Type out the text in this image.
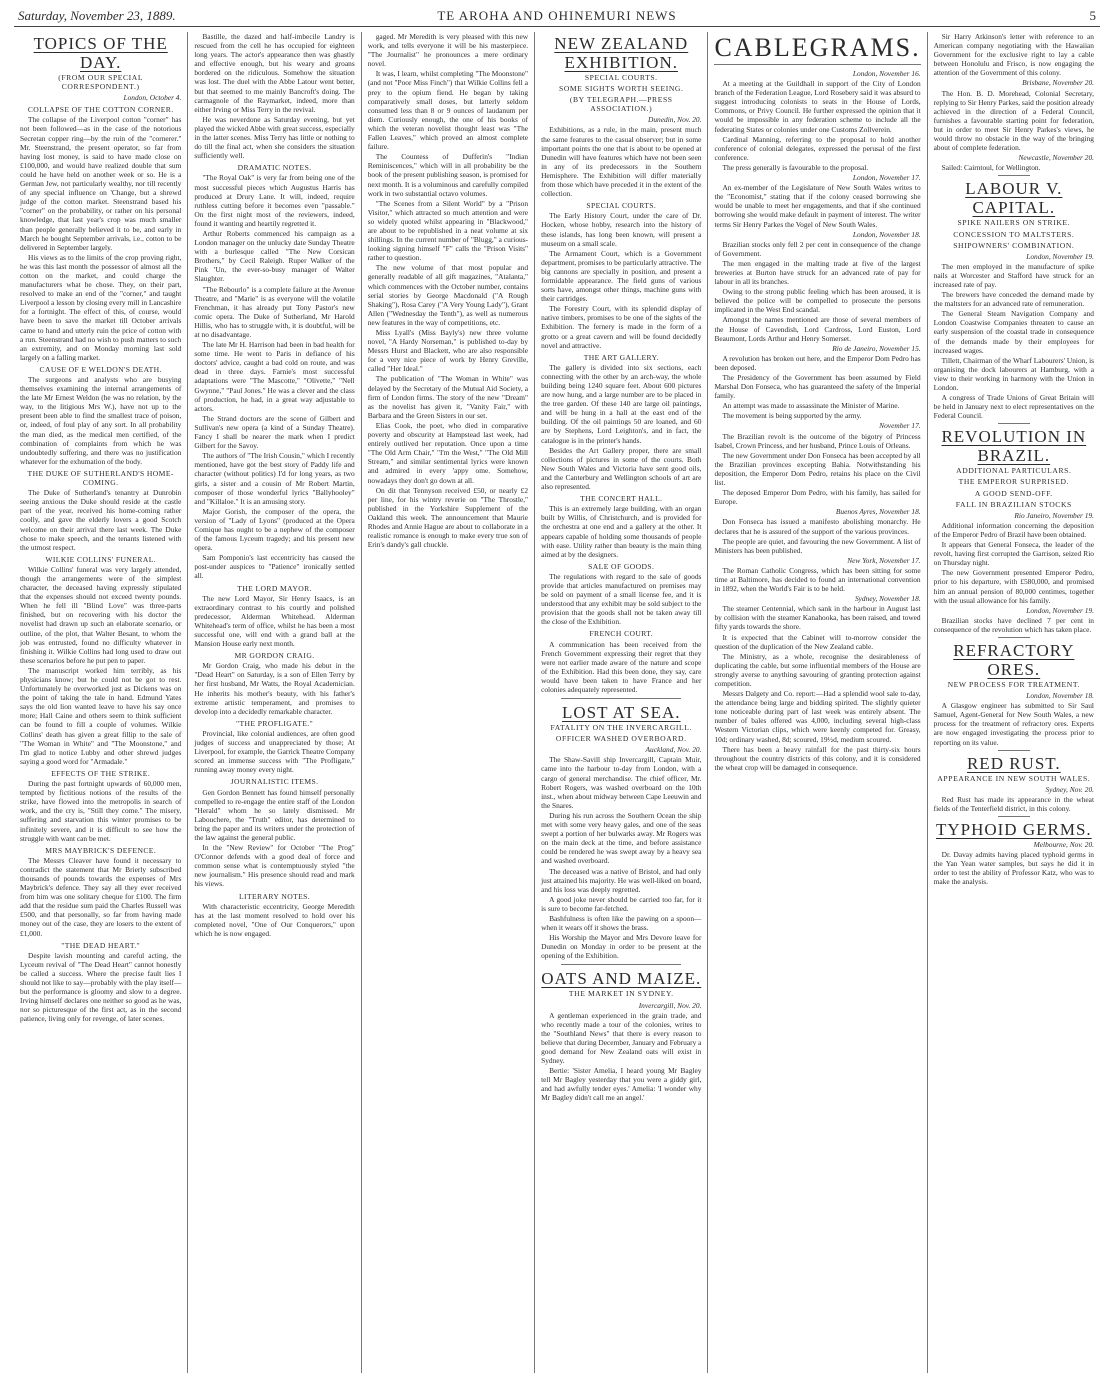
Saturday, November 23, 1889.	TE AROHA AND OHINEMURI NEWS	5
TOPICS OF THE DAY.
(FROM OUR SPECIAL CORRESPONDENT.)

London, October 4.

COLLAPSE OF THE COTTON CORNER.

The collapse of the Liverpool cotton "corner" has not been followed—as in the case of the notorious Secretan copper ring—by the ruin of the "cornerer." Mr. Steenstrand, the present operator, so far from having lost money, is said to have made close on £100,000, and would have realized double that sum could he have held on another week or so. He is a German Jew, not particularly wealthy, nor till recently of any special influence on 'Change, but a shrewd judge of the cotton market. Steenstrand based his "corner" on the probability, or rather on his personal knowledge, that last year's crop was much smaller than people generally believed it to be, and early in March he bought September arrivals, i.e., cotton to be delivered in September largely.

His views as to the limits of the crop proving right, he was this last month the possessor of almost all the cotton on the market, and could charge the manufacturers what he chose. They, on their part, resolved to make an end of the "corner," and taught Liverpool a lesson by closing every mill in Lancashire for a fortnight. The effect of this, of course, would have been to save the market till October arrivals came to hand and utterly ruin the price of cotton with a run. Steenstrand had no wish to push matters to such an extremity, and on Monday morning last sold largely on a falling market.

CAUSE OF E WELDON'S DEATH.

The surgeons and analysts who are busying themselves examining the internal arrangements of the late Mr Ernest Weldon (he was no relation, by the way, to the litigious Mrs W.), have not up to the present been able to find the smallest trace of poison, or, indeed, of foul play of any sort. In all probability the man died, as the medical men certified, of the combination of complaints from which he was undoubtedly suffering, and there was no justification whatever for the exhumation of the body.

THE DUKE OF SUTHERLAND'S HOME-COMING.

The Duke of Sutherland's tenantry at Dunrobin seeing anxious the Duke should reside at the castle part of the year, received his home-coming rather coolly, and gave the elderly lovers a good Scotch welcome on their arrival there last week. The Duke chose to make speech, and the tenants listened with the utmost respect.

WILKIE COLLINS' FUNERAL.

Wilkie Collins' funeral was very largely attended, though the arrangements were of the simplest character, the deceased having expressly stipulated that the expenses should not exceed twenty pounds. When he fell ill "Blind Love" was three-parts finished, but on recovering with his doctor the novelist had drawn up such an elaborate scenario, or outline, of the plot, that Walter Besant, to whom the job was entrusted, found no difficulty whatever in finishing it. Wilkie Collins had long used to draw out these scenarios before he put pen to paper.

The manuscript worked him terribly, as his physicians know; but he could not be got to rest. Unfortunately he overworked just as Dickens was on the point of taking the tale in hand. Edmund Yates says the old lion wanted leave to have his say once more; Hall Caine and others seem to think sufficient can be found to fill a couple of volumes. Wilkie Collins' death has given a great fillip to the sale of "The Woman in White" and "The Moonstone," and I'm glad to notice Lubby and other shrewd judges saying a good word for "Armadale."

EFFECTS OF THE STRIKE.

During the past fortnight upwards of 60,000 men, tempted by fictitious notions of the results of the strike, have flowed into the metropolis in search of work, and the cry is, "Still they come." The misery, suffering and starvation this winter promises to be infinitely severe, and it is difficult to see how the struggle with want can be met.

MRS MAYBRICK'S DEFENCE.

The Messrs Cleaver have found it necessary to contradict the statement that Mr Brierly subscribed thousands of pounds towards the expenses of Mrs Maybrick's defence. They say all they ever received from him was one solitary cheque for £100. The firm add that the residue sum paid the Charles Russell was £500, and that personally, so far from having made money out of the case, they are losers to the extent of £1,000.

"THE DEAD HEART."

Despite lavish mounting and careful acting, the Lyceum revival of "The Dead Heart" cannot honestly be called a success. Where the precise fault lies I should not like to say—probably with the play itself—but the performance is gloomy and slow to a degree. Irving himself declares one neither so good as he was, nor so picturesque of the first act, as in the second patience, living only for revenge, of later scenes.

Bastille, the dazed and half-imbecile Landry is rescued from the cell he has occupied for eighteen long years. The actor's appearance then was ghastly and effective enough, but his weary and groans bordered on the ridiculous. Somehow the situation was lost. The duel with the Abbe Latour went better, but that seemed to me mainly Bancroft's doing. The carmagnole of the Raymarket, indeed, more than either Irving or Miss Terry in the revival.

He was neverdone as Saturday evening, but yet played the wicked Abbe with great success, especially in the latter scenes. Miss Terry has little or nothing to do till the final act, when she considers the situation sufficiently well.

DRAMATIC NOTES.

"The Royal Oak" is very far from being one of the most successful pieces which Augustus Harris has produced at Drury Lane. It will, indeed, require ruthless cutting before it becomes even "passable." On the first night most of the reviewers, indeed, found it wanting and heartily regretted it.

Arthur Roberts commenced his campaign as a London manager on the unlucky date Sunday Theatre with a burlesque called "The New Corsican Brothers," by Cecil Raleigh. Ruper Walker of the Pink 'Un, the ever-so-busy manager of Walter Slaughter.

"The Rebourlo" is a complete failure at the Avenue Theatre, and "Marie" is as everyone will the volatile Frenchman, it has already put Tony Pastor's new comic opera. The Duke of Sutherland, Mr Harold Hillis, who has to struggle with, it is doubtful, will be at no disadvantage.

The late Mr H. Harrison had been in bad health for some time. He went to Paris in defiance of his doctors' advice, caught a bad cold on route, and was dead in three days. Farnie's most successful adaptations were "The Mascotte," "Olivette," "Nell Gwynne," "Paul Jones." He was a clever and the class of production, he had, in a great way adjustable to actors.

The Strand doctors are the scene of Gilbert and Sullivan's new opera (a kind of a Sunday Theatre). Fancy I shall be nearer the mark when I predict Gilbert for the Savoy.

The authors of "The Irish Cousin," which I recently mentioned, have got the best story of Paddy life and character (without politics) I'd for long years, as two girls, a sister and a cousin of Mr Robert Martin, composer of those wonderful lyrics "Ballyhooley" and "Killaloe." It is an amusing story.

Major Gorish, the composer of the opera, the version of "Lady of Lyons" (produced at the Opera Comique has ought to be a nephew of the composer of the famous Lyceum tragedy; and his present new opera.

Sam Pomponio's last eccentricity has caused the post-under auspices to "Patience" ironically settled all.

THE LORD MAYOR.

The new Lord Mayor, Sir Henry Isaacs, is an extraordinary contrast to his courtly and polished predecessor, Alderman Whitehead. Alderman Whitehead's term of office, whilst he has been a most successful one, will end with a grand ball at the Mansion House early next month.

MR GORDON CRAIG.

Mr Gordon Craig, who made his debut in the "Dead Heart" on Saturday, is a son of Ellen Terry by her first husband, Mr Watts, the Royal Academician. He inherits his mother's beauty, with his father's extreme artistic temperament, and promises to develop into a decidedly remarkable character.

"THE PROFLIGATE."

Provincial, like colonial audiences, are often good judges of success and unappreciated by those; At Liverpool, for example, the Garrick Theatre Company scored an immense success with "The Profligate," running away money every night.

JOURNALISTIC ITEMS.

Gen Gordon Bennett has found himself personally compelled to re-engage the entire staff of the London "Herald" whom he so lately dismissed. Mr Labouchere, the "Truth" editor, has determined to bring the paper and its writers under the protection of the law against the general public.

In the "New Review" for October "The Prog" O'Connor defends with a good deal of force and common sense what is contemptuously styled "the new journalism." His presence should read and mark his views.

LITERARY NOTES.

With characteristic eccentricity, George Meredith has at the last moment resolved to hold over his completed novel, "One of Our Conquerors," upon which he is now engaged.

gaged. Mr Meredith is very pleased with this new work, and tells everyone it will be his masterpiece. "The Journalist" he pronounces a mere ordinary novel.

It was, I learn, whilst completing "The Moonstone" (and not "Poor Miss Finch") that Wilkie Collins fell a prey to the opium fiend. He began by taking comparatively small doses, but latterly seldom consumed less than 8 or 9 ounces of laudanum per diem. Curiously enough, the one of his books of which the veteran novelist thought least was "The Fallen Leaves," which proved an almost complete failure.

The Countess of Dufferin's "Indian Reminiscences," which will in all probability be the book of the present publishing season, is promised for next month. It is a voluminous and carefully compiled work in two substantial octavo volumes.

"The Scenes from a Silent World" by a "Prison Visitor," which attracted so much attention and were so widely quoted whilst appearing in "Blackwood," are about to be republished in a neat volume at six shillings. In the current number of "Blugg," a curious-looking signing himself "F" calls the "Prison Visits" rather to question.

The new volume of that most popular and generally readable of all gift magazines, "Atalanta," which commences with the October number, contains serial stories by George Macdonald ("A Rough Shaking"), Rosa Carey ("A Very Young Lady"), Grant Allen ("Wednesday the Tenth"), as well as numerous new features in the way of competitions, etc.

Miss Lyall's (Miss Bayly's) new three volume novel, "A Hardy Norseman," is published to-day by Messrs Hurst and Blackett, who are also responsible for a very nice piece of work by Henry Greville, called "Her Ideal."

The publication of "The Woman in White" was delayed by the Secretary of the Mutual Aid Society, a firm of London firms. The story of the new "Dream" as the novelist has given it, "Vanity Fair," with Barbara and the Green Sisters in our set.

Elias Cook, the poet, who died in comparative poverty and obscurity at Hampstead last week, had entirely outlived her reputation. Once upon a time "The Old Arm Chair," "I'm the West," "The Old Mill Stream," and similar sentimental lyrics were known and admired in every 'appy ome. Somehow, nowadays they don't go down at all.

On dit that Tennyson received £50, or nearly £2 per line, for his wintry reverie on "The Throstle," published in the Yorkshire Supplement of the Oakland this week. The announcement that Maurie Rhodes and Annie Hague are about to collaborate in a realistic romance is enough to make every true son of Erin's dandy's gall chuckle.

NEW ZEALAND EXHIBITION.
SPECIAL COURTS.
SOME SIGHTS WORTH SEEING.
(BY TELEGRAPH.—PRESS ASSOCIATION.)

Dunedin, Nov. 20.

Exhibitions, as a rule, in the main, present much the same features to the casual observer; but in some important points the one that is about to be opened at Dunedin will have features which have not been seen in any of its predecessors in the Southern Hemisphere. The Exhibition will differ materially from those which have preceded it in the extent of the collection.

SPECIAL COURTS.

The Early History Court, under the care of Dr. Hocken, whose hobby, research into the history of these islands, has long been known, will present a museum on a small scale.

The Armament Court, which is a Government department, promises to be particularly attractive. The big cannons are specially in position, and present a formidable appearance. The field guns of various sorts have, amongst other things, machine guns with their cartridges.

The Forestry Court, with its splendid display of native timbers, promises to be one of the sights of the Exhibition. The fernery is made in the form of a grotto or a great cavern and will be found decidedly novel and attractive.

THE ART GALLERY.

The gallery is divided into six sections, each connecting with the other by an arch-way, the whole building being 1240 square feet. About 600 pictures are now hung, and a large number are to be placed in the tree garden. Of these 140 are large oil paintings, and will be hung in a hall at the east end of the building. Of the oil paintings 50 are loaned, and 60 are by Stephens, Lord Leighton's, and in fact, the catalogue is in the printer's hands.

Besides the Art Gallery proper, there are small collections of pictures in some of the courts. Both New South Wales and Victoria have sent good oils, and the Canterbury and Wellington schools of art are also represented.

THE CONCERT HALL.

This is an extremely large building, with an organ built by Willis, of Christchurch, and is provided for the orchestra at one end and a gallery at the other. It appears capable of holding some thousands of people with ease. Utility rather than beauty is the main thing aimed at by the designers.

SALE OF GOODS.

The regulations with regard to the sale of goods provide that articles manufactured on premises may be sold on payment of a small license fee, and it is understood that any exhibit may be sold subject to the provision that the goods shall not be taken away till the close of the Exhibition.

FRENCH COURT.

A communication has been received from the French Government expressing their regret that they were not earlier made aware of the nature and scope of the Exhibition. Had this been done, they say, care would have been taken to have France and her colonies adequately represented.

LOST AT SEA.
FATALITY ON THE INVERCARGILL.
OFFICER WASHED OVERBOARD.

Auckland, Nov. 20.

The Shaw-Savill ship Invercargill, Captain Muir, came into the harbour to-day from London, with a cargo of general merchandise. The chief officer, Mr. Robert Rogers, was washed overboard on the 10th inst., when about midway between Cape Leeuwin and the Snares.

During his run across the Southern Ocean the ship met with some very heavy gales, and one of the seas swept a portion of her bulwarks away. Mr Rogers was on the main deck at the time, and before assistance could be rendered he was swept away by a heavy sea and washed overboard.

The deceased was a native of Bristol, and had only just attained his majority. He was well-liked on board, and his loss was deeply regretted.

A good joke never should be carried too far, for it is sure to become far-fetched.

Bashfulness is often like the pawing on a spoon—when it wears off it shows the brass.

His Worship the Mayor and Mrs Devore leave for Dunedin on Monday in order to be present at the opening of the Exhibition.

OATS AND MAIZE.
THE MARKET IN SYDNEY.

Invercargill, Nov. 20.

A gentleman experienced in the grain trade, and who recently made a tour of the colonies, writes to the "Southland News" that there is every reason to believe that during December, January and February a good demand for New Zealand oats will exist in Sydney.

Bertie: 'Sister Amelia, I heard young Mr Bagley tell Mr Bagley yesterday that you were a giddy girl, and had awfully tender eyes.' Amelia: 'I wonder why Mr Bagley didn't call me an angel.'

CABLEGRAMS.

London, November 16.

At a meeting at the Guildhall in support of the City of London branch of the Federation League, Lord Rosebery said it was absurd to suggest introducing colonists to seats in the House of Lords, Commons, or Privy Council. He further expressed the opinion that it would be impossible in any federation scheme to include all the federating States or colonies under one Customs Zollverein.

Cardinal Manning, referring to the proposal to hold another conference of colonial delegates, expressed the perusal of the first conference.

The press generally is favourable to the proposal.

London, November 17.

An ex-member of the Legislature of New South Wales writes to the "Economist," stating that if the colony ceased borrowing she would be unable to meet her engagements, and that if she continued borrowing she would make default in payment of interest. The writer terms Sir Henry Parkes the Vogel of New South Wales.

London, November 18.

Brazilian stocks only fell 2 per cent in consequence of the change of Government.

The men engaged in the malting trade at five of the largest breweries at Burton have struck for an advanced rate of pay for labour in all its branches.

Owing to the strong public feeling which has been aroused, it is believed the police will be compelled to prosecute the persons implicated in the West End scandal.

Amongst the names mentioned are those of several members of the House of Cavendish, Lord Cardross, Lord Euston, Lord Beaumont, Lords Arthur and Henry Somerset.

Rio de Janeiro, November 15.

A revolution has broken out here, and the Emperor Dom Pedro has been deposed.

The Presidency of the Government has been assumed by Field Marshal Don Fonseca, who has guaranteed the safety of the Imperial family.

An attempt was made to assassinate the Minister of Marine.

The movement is being supported by the army.

November 17.

The Brazilian revolt is the outcome of the bigotry of Princess Isabel, Crown Princess, and her husband, Prince Louis of Orleans.

The new Government under Don Fonseca has been accepted by all the Brazilian provinces excepting Bahia. Notwithstanding his deposition, the Emperor Dom Pedro, retains his place on the Civil list.

The deposed Emperor Dom Pedro, with his family, has sailed for Europe.

Buenos Ayres, November 18.

Don Fonseca has issued a manifesto abolishing monarchy. He declares that he is assured of the support of the various provinces.

The people are quiet, and favouring the new Government. A list of Ministers has been published.

New York, November 17.

The Roman Catholic Congress, which has been sitting for some time at Baltimore, has decided to found an international convention in 1892, when the World's Fair is to be held.

Sydney, November 18.

The steamer Centennial, which sank in the harbour in August last by collision with the steamer Kanahooka, has been raised, and towed fifty yards towards the shore.

It is expected that the Cabinet will to-morrow consider the question of the duplication of the New Zealand cable.

The Ministry, as a whole, recognise the desirableness of duplicating the cable, but some influential members of the House are strongly averse to anything savouring of granting protection against competition.

Messrs Dalgety and Co. report:—Had a splendid wool sale to-day, the attendance being large and bidding spirited. The slightly quieter tone noticeable during part of last week was entirely absent. The number of bales offered was 4,000, including several high-class Western Victorian clips, which were keenly competed for. Greasy, 10d; ordinary washed, 8d; scoured, 19½d, medium scoured.

There has been a heavy rainfall for the past thirty-six hours throughout the country districts of this colony, and it is considered the wheat crop will be damaged in consequence.

Sir Harry Atkinson's letter with reference to an American company negotiating with the Hawaiian Government for the exclusive right to lay a cable between Honolulu and Frisco, is now engaging the attention of the Government of this colony.

Brisbane, November 20.

The Hon. B. D. Morehead, Colonial Secretary, replying to Sir Henry Parkes, said the position already achieved in the direction of a Federal Council, furnishes a favourable starting point for federation, but in order to meet Sir Henry Parkes's views, he would throw no obstacle in the way of the bringing about of complete federation.

Newcastle, November 20.

Sailed: Cairntoul, for Wellington.

LABOUR V. CAPITAL.
SPIKE NAILERS ON STRIKE.
CONCESSION TO MALTSTERS.
SHIPOWNERS' COMBINATION.

London, November 19.

The men employed in the manufacture of spike nails at Worcester and Stafford have struck for an increased rate of pay.

The brewers have conceded the demand made by the maltsters for an advanced rate of remuneration.

The General Steam Navigation Company and London Coastwise Companies threaten to cause an early suspension of the coastal trade in consequence of the demands made by their employees for increased wages.

Tillett, Chairman of the Wharf Labourers' Union, is organising the dock labourers at Hamburg, with a view to their working in harmony with the Union in London.

A congress of Trade Unions of Great Britain will be held in January next to elect representatives on the Federal Council.

REVOLUTION IN BRAZIL.
ADDITIONAL PARTICULARS.
THE EMPEROR SURPRISED.
A GOOD SEND-OFF.
FALL IN BRAZILIAN STOCKS

Rio Janeiro, November 19.

Additional information concerning the deposition of the Emperor Pedro of Brazil have been obtained.

It appears that General Fonseca, the leader of the revolt, having first corrupted the Garrison, seized Rio on Thursday night.

The new Government presented Emperor Pedro, prior to his departure, with £580,000, and promised him an annual pension of 80,000 centimes, together with the usual allowance for his family.

London, November 19.

Brazilian stocks have declined 7 per cent in consequence of the revolution which has taken place.

REFRACTORY ORES.
NEW PROCESS FOR TREATMENT.

London, November 18.

A Glasgow engineer has submitted to Sir Saul Samuel, Agent-General for New South Wales, a new process for the treatment of refractory ores. Experts are now engaged investigating the process prior to reporting on its value.

RED RUST.
APPEARANCE IN NEW SOUTH WALES.

Sydney, Nov. 20.

Red Rust has made its appearance in the wheat fields of the Tenterfield district, in this colony.

TYPHOID GERMS.

Melbourne, Nov. 20.

Dr. Davay admits having placed typhoid germs in the Yan Yean water samples, but says he did it in order to test the ability of Professor Katz, who was to make the analysis.
